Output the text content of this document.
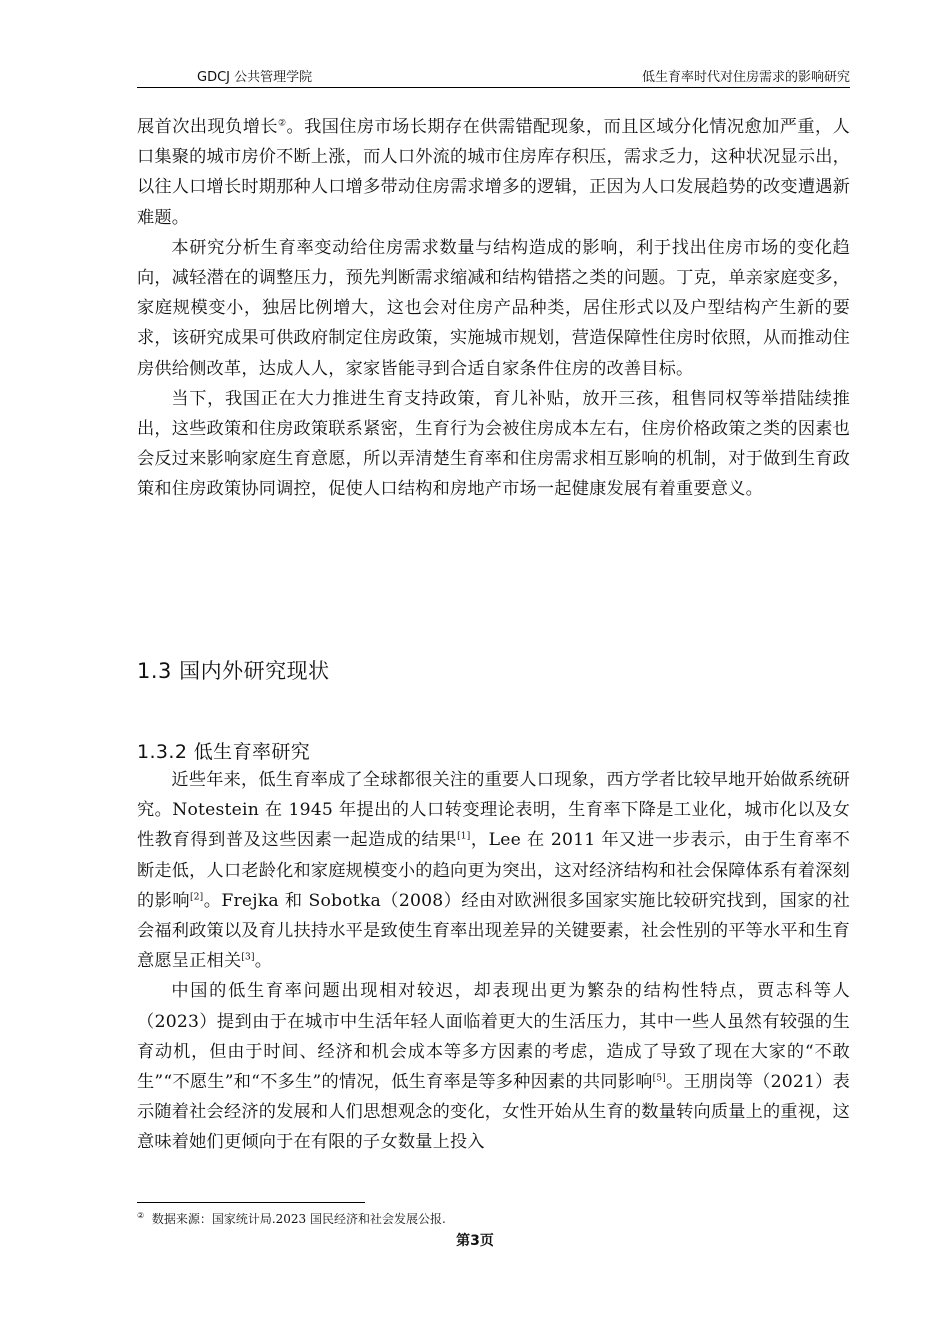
GDCJ 公共管理学院	低生育率时代对住房需求的影响研究

展首次出现负增长②。我国住房市场长期存在供需错配现象，而且区域分化情况愈加严重，人口集聚的城市房价不断上涨，而人口外流的城市住房库存积压，需求乏力，这种状况显示出，以往人口增长时期那种人口增多带动住房需求增多的逻辑，正因为人口发展趋势的改变遭遇新难题。

本研究分析生育率变动给住房需求数量与结构造成的影响，利于找出住房市场的变化趋向，减轻潜在的调整压力，预先判断需求缩减和结构错搭之类的问题。丁克，单亲家庭变多，家庭规模变小，独居比例增大，这也会对住房产品种类，居住形式以及户型结构产生新的要求，该研究成果可供政府制定住房政策，实施城市规划，营造保障性住房时依照，从而推动住房供给侧改革，达成人人，家家皆能寻到合适自家条件住房的改善目标。

当下，我国正在大力推进生育支持政策，育儿补贴，放开三孩，租售同权等举措陆续推出，这些政策和住房政策联系紧密，生育行为会被住房成本左右，住房价格政策之类的因素也会反过来影响家庭生育意愿，所以弄清楚生育率和住房需求相互影响的机制，对于做到生育政策和住房政策协同调控，促使人口结构和房地产市场一起健康发展有着重要意义。

1.3 国内外研究现状
1.3.2 低生育率研究

近些年来，低生育率成了全球都很关注的重要人口现象，西方学者比较早地开始做系统研究。Notestein 在 1945 年提出的人口转变理论表明，生育率下降是工业化，城市化以及女性教育得到普及这些因素一起造成的结果[1]，Lee 在 2011 年又进一步表示，由于生育率不断走低，人口老龄化和家庭规模变小的趋向更为突出，这对经济结构和社会保障体系有着深刻的影响[2]。Frejka 和 Sobotka（2008）经由对欧洲很多国家实施比较研究找到，国家的社会福利政策以及育儿扶持水平是致使生育率出现差异的关键要素，社会性别的平等水平和生育意愿呈正相关[3]。

中国的低生育率问题出现相对较迟，却表现出更为繁杂的结构性特点，贾志科等人（2023）提到由于在城市中生活年轻人面临着更大的生活压力，其中一些人虽然有较强的生育动机，但由于时间、经济和机会成本等多方因素的考虑，造成了导致了现在大家的“不敢生”“不愿生”和“不多生”的情况，低生育率是等多种因素的共同影响[5]。王朋岗等（2021）表示随着社会经济的发展和人们思想观念的变化，女性开始从生育的数量转向质量上的重视，这意味着她们更倾向于在有限的子女数量上投入

② 数据来源：国家统计局.2023 国民经济和社会发展公报.
第3页
